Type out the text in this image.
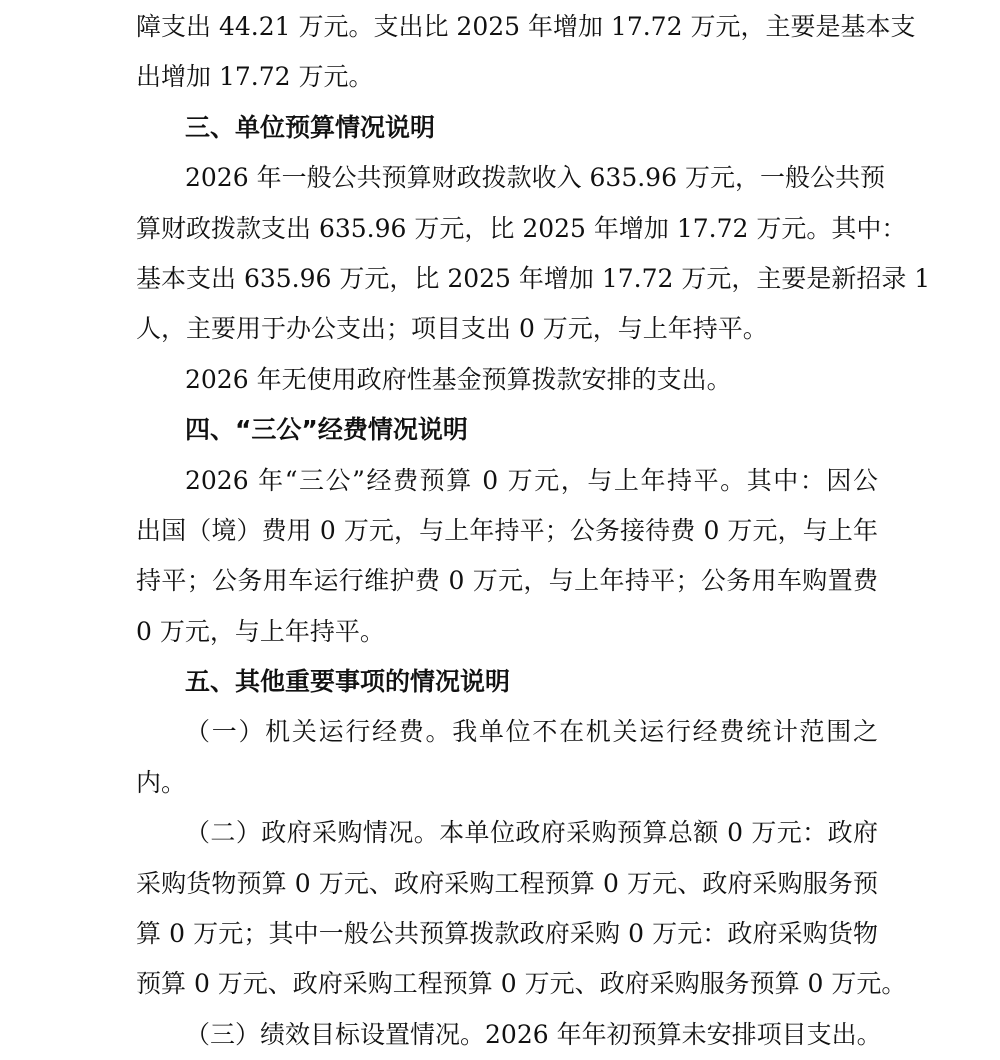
障支出 44.21 万元。支出比 2025 年增加 17.72 万元，主要是基本支
出增加 17.72 万元。
三、单位预算情况说明
2026 年一般公共预算财政拨款收入 635.96 万元，一般公共预
算财政拨款支出 635.96 万元，比 2025 年增加 17.72 万元。其中：
基本支出 635.96 万元，比 2025 年增加 17.72 万元，主要是新招录 1
人，主要用于办公支出；项目支出 0 万元，与上年持平。
2026 年无使用政府性基金预算拨款安排的支出。
四、“三公”经费情况说明
2026 年“三公”经费预算 0 万元，与上年持平。其中：因公
出国（境）费用 0 万元，与上年持平；公务接待费 0 万元，与上年
持平；公务用车运行维护费 0 万元，与上年持平；公务用车购置费
0 万元，与上年持平。
五、其他重要事项的情况说明
（一）机关运行经费。我单位不在机关运行经费统计范围之
内。
（二）政府采购情况。本单位政府采购预算总额 0 万元：政府
采购货物预算 0 万元、政府采购工程预算 0 万元、政府采购服务预
算 0 万元；其中一般公共预算拨款政府采购 0 万元：政府采购货物
预算 0 万元、政府采购工程预算 0 万元、政府采购服务预算 0 万元。
（三）绩效目标设置情况。2026 年年初预算未安排项目支出。
